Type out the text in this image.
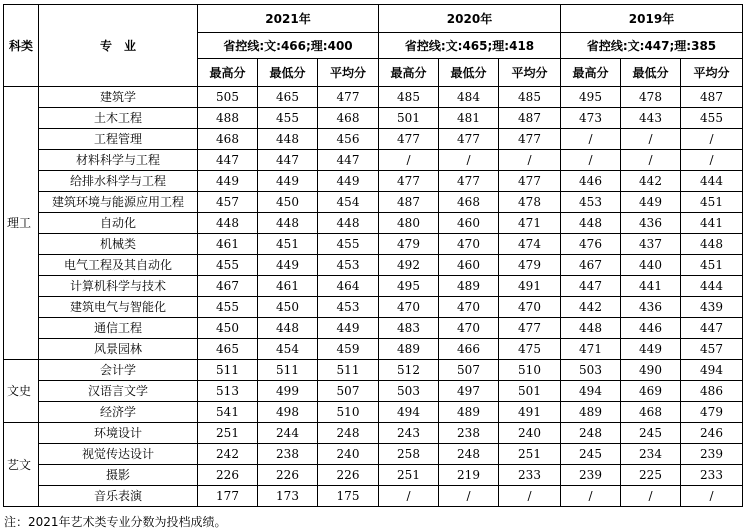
科类	专　业	2021年			2020年			2019年		
		省控线:文:466;理:400			省控线:文:465;理:418			省控线:文:447;理:385		
		最高分	最低分	平均分	最高分	最低分	平均分	最高分	最低分	平均分
理工	建筑学	505	465	477	485	484	485	495	478	487
	土木工程	488	455	468	501	481	487	473	443	455
	工程管理	468	448	456	477	477	477	/	/	/
	材料科学与工程	447	447	447	/	/	/	/	/	/
	给排水科学与工程	449	449	449	477	477	477	446	442	444
	建筑环境与能源应用工程	457	450	454	487	468	478	453	449	451
	自动化	448	448	448	480	460	471	448	436	441
	机械类	461	451	455	479	470	474	476	437	448
	电气工程及其自动化	455	449	453	492	460	479	467	440	451
	计算机科学与技术	467	461	464	495	489	491	447	441	444
	建筑电气与智能化	455	450	453	470	470	470	442	436	439
	通信工程	450	448	449	483	470	477	448	446	447
	风景园林	465	454	459	489	466	475	471	449	457
文史	会计学	511	511	511	512	507	510	503	490	494
	汉语言文学	513	499	507	503	497	501	494	469	486
	经济学	541	498	510	494	489	491	489	468	479
艺文	环境设计	251	244	248	243	238	240	248	245	246
	视觉传达设计	242	238	240	258	248	251	245	234	239
	摄影	226	226	226	251	219	233	239	225	233
	音乐表演	177	173	175	/	/	/	/	/	/
注：2021年艺术类专业分数为投档成绩。
